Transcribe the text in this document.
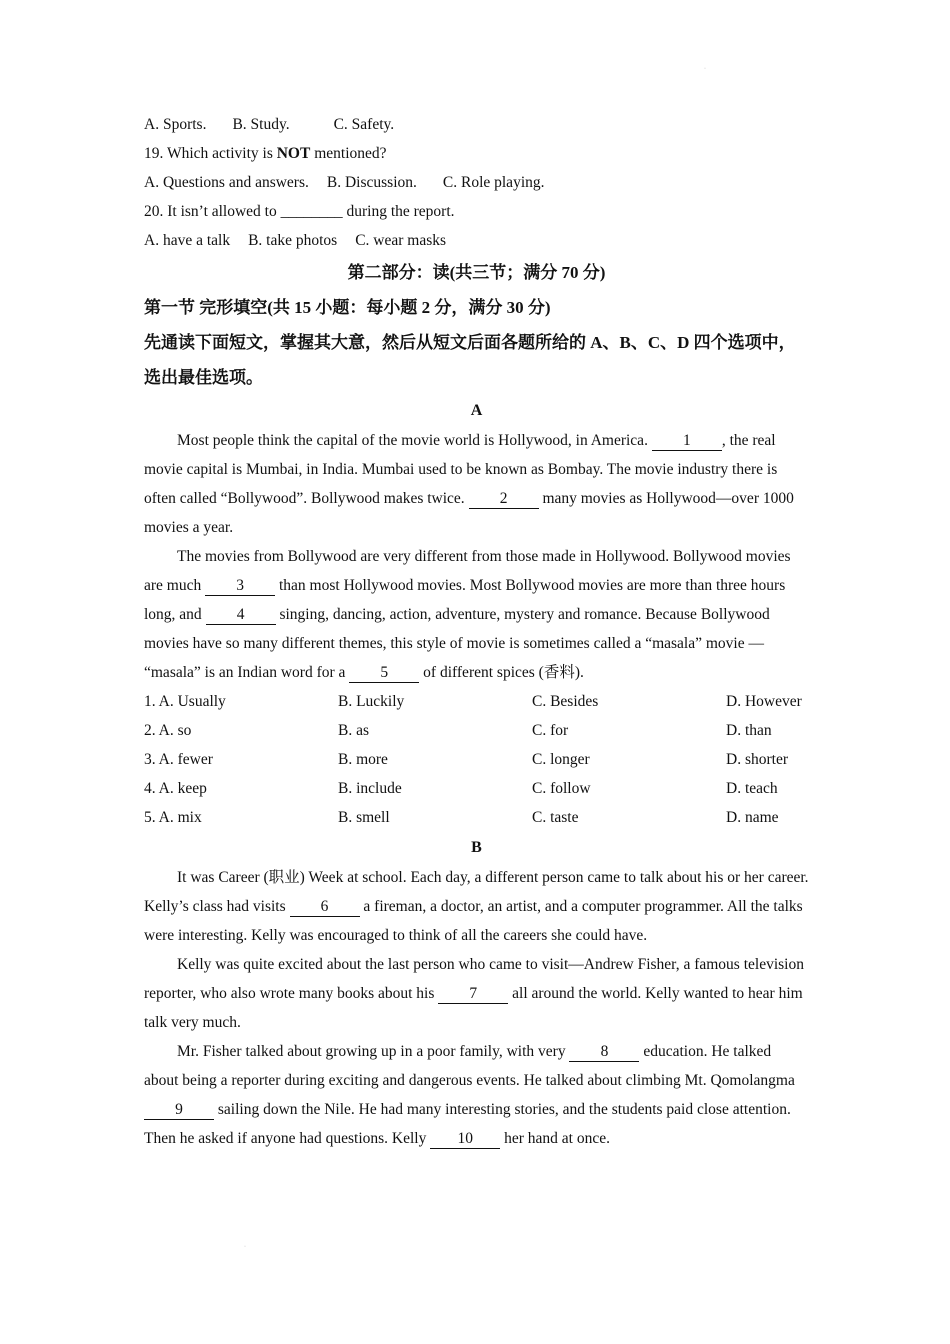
·
·
A. Sports. B. Study.	C. Safety.
19. Which activity is NOT mentioned?
A. Questions and answers. B. Discussion. C. Role playing.
20. It isn’t allowed to ________ during the report.
A. have a talk B. take photos C. wear masks
第二部分：读(共三节；满分 70 分)
第一节 完形填空(共 15 小题：每小题 2 分，满分 30 分)
先通读下面短文，掌握其大意，然后从短文后面各题所给的 A、B、C、D 四个选项中，选出最佳选项。
A

Most people think the capital of the movie world is Hollywood, in America. 1 , the real movie capital is Mumbai, in India. Mumbai used to be known as Bombay. The movie industry there is often called “Bollywood”. Bollywood makes twice. 2 many movies as Hollywood—over 1000 movies a year.

The movies from Bollywood are very different from those made in Hollywood. Bollywood movies are much 3 than most Hollywood movies. Most Bollywood movies are more than three hours long, and 4 singing, dancing, action, adventure, mystery and romance. Because Bollywood movies have so many different themes, this style of movie is sometimes called a “masala” movie — “masala” is an Indian word for a 5 of different spices (香料).

1. A. Usually	B. Luckily	C. Besides	D. However
2. A. so	B. as	C. for	D. than
3. A. fewer	B. more	C. longer	D. shorter
4. A. keep	B. include	C. follow	D. teach
5. A. mix	B. smell	C. taste	D. name
B

It was Career (职业) Week at school. Each day, a different person came to talk about his or her career. Kelly’s class had visits 6 a fireman, a doctor, an artist, and a computer programmer. All the talks were interesting. Kelly was encouraged to think of all the careers she could have.

Kelly was quite excited about the last person who came to visit—Andrew Fisher, a famous television reporter, who also wrote many books about his 7 all around the world. Kelly wanted to hear him talk very much.

Mr. Fisher talked about growing up in a poor family, with very 8 education. He talked about being a reporter during exciting and dangerous events. He talked about climbing Mt. Qomolangma 9 sailing down the Nile. He had many interesting stories, and the students paid close attention. Then he asked if anyone had questions. Kelly 10 her hand at once.
